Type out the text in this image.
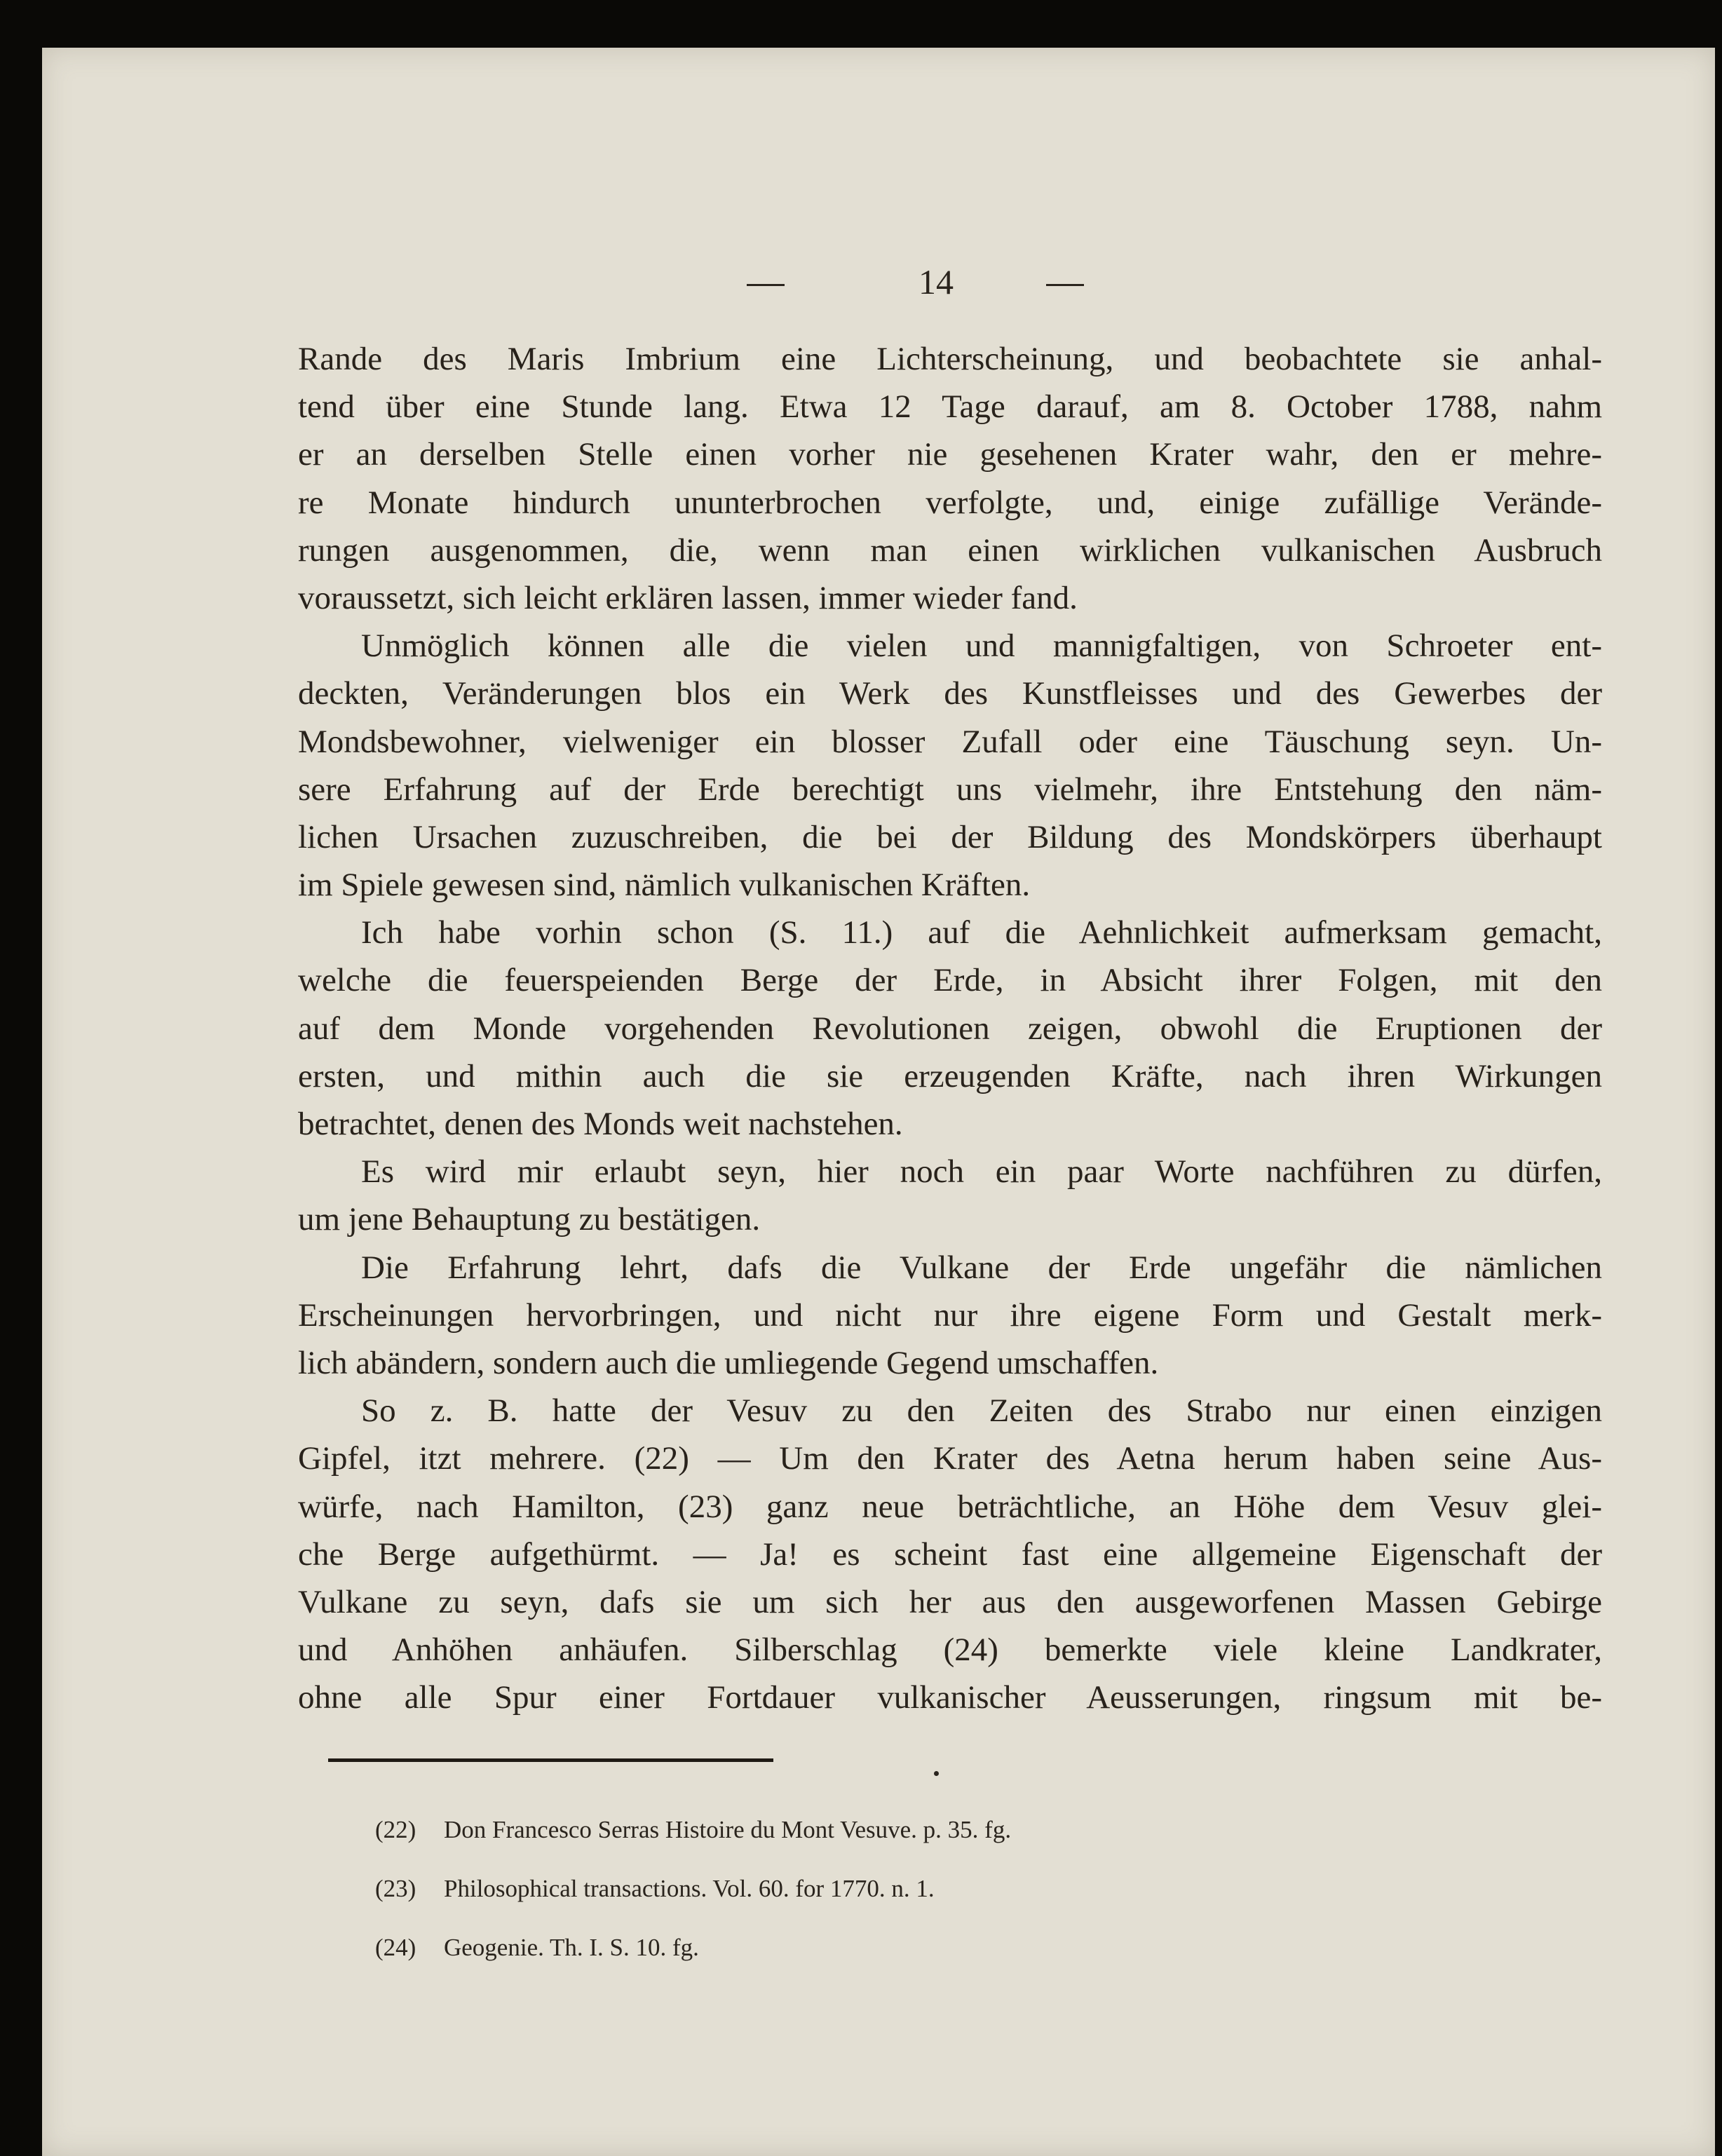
14
Rande des Maris Imbrium eine Lichterscheinung, und beobachtete sie anhal-
tend über eine Stunde lang. Etwa 12 Tage darauf, am 8. October 1788, nahm
er an derselben Stelle einen vorher nie gesehenen Krater wahr, den er mehre-
re Monate hindurch ununterbrochen verfolgte, und, einige zufällige Verände-
rungen ausgenommen, die, wenn man einen wirklichen vulkanischen Ausbruch
voraussetzt, sich leicht erklären lassen, immer wieder fand.
Unmöglich können alle die vielen und mannigfaltigen, von Schroeter ent-
deckten, Veränderungen blos ein Werk des Kunstfleisses und des Gewerbes der
Mondsbewohner, vielweniger ein blosser Zufall oder eine Täuschung seyn. Un-
sere Erfahrung auf der Erde berechtigt uns vielmehr, ihre Entstehung den näm-
lichen Ursachen zuzuschreiben, die bei der Bildung des Mondskörpers überhaupt
im Spiele gewesen sind, nämlich vulkanischen Kräften.
Ich habe vorhin schon (S. 11.) auf die Aehnlichkeit aufmerksam gemacht,
welche die feuerspeienden Berge der Erde, in Absicht ihrer Folgen, mit den
auf dem Monde vorgehenden Revolutionen zeigen, obwohl die Eruptionen der
ersten, und mithin auch die sie erzeugenden Kräfte, nach ihren Wirkungen
betrachtet, denen des Monds weit nachstehen.
Es wird mir erlaubt seyn, hier noch ein paar Worte nachführen zu dürfen,
um jene Behauptung zu bestätigen.
Die Erfahrung lehrt, dafs die Vulkane der Erde ungefähr die nämlichen
Erscheinungen hervorbringen, und nicht nur ihre eigene Form und Gestalt merk-
lich abändern, sondern auch die umliegende Gegend umschaffen.
So z. B. hatte der Vesuv zu den Zeiten des Strabo nur einen einzigen
Gipfel, itzt mehrere. (22) — Um den Krater des Aetna herum haben seine Aus-
würfe, nach Hamilton, (23) ganz neue beträchtliche, an Höhe dem Vesuv glei-
che Berge aufgethürmt. — Ja! es scheint fast eine allgemeine Eigenschaft der
Vulkane zu seyn, dafs sie um sich her aus den ausgeworfenen Massen Gebirge
und Anhöhen anhäufen. Silberschlag (24) bemerkte viele kleine Landkrater,
ohne alle Spur einer Fortdauer vulkanischer Aeusserungen, ringsum mit be-
(22) Don Francesco Serras Histoire du Mont Vesuve. p. 35. fg.
(23) Philosophical transactions. Vol. 60. for 1770. n. 1.
(24) Geogenie. Th. I. S. 10. fg.
